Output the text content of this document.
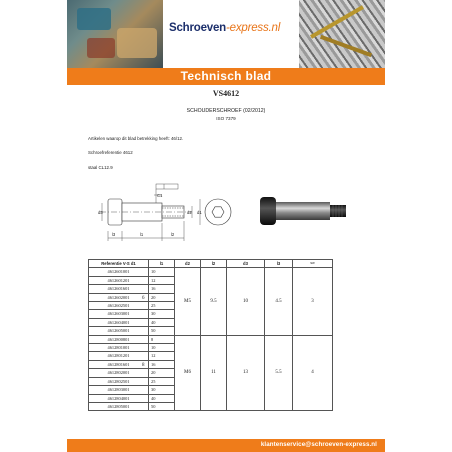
Schroeven-express.nl
Technisch blad
VS4612
SCHOUDERSCHROEF (02/2012)
ISO 7379
Artikelen waarop dit blad betrekking heeft: 46/12.
Schroefreferentie 4612
staal CL12.9
d3	d2 d1
l3	l1	l2
C1
Referentie V-S d1	l1	d2	l2	d3	l3	sw
4612601001	10	M5	9.5	10	4.5	3
4612601201	12					
4612601601	16					
4612602001	20					
4612602501	25					
4612603001	30					
4612604001	40					
4612605001	50					
4612800801	8	M6	11	13	5.5	4
4612801001	10					
4612801201	12					
4612801601	16					
4612802001	20					
4612802501	25					
4612803001	30					
4612804001	40					
4612805001	50					
klantenservice@schroeven-express.nl
6
8
